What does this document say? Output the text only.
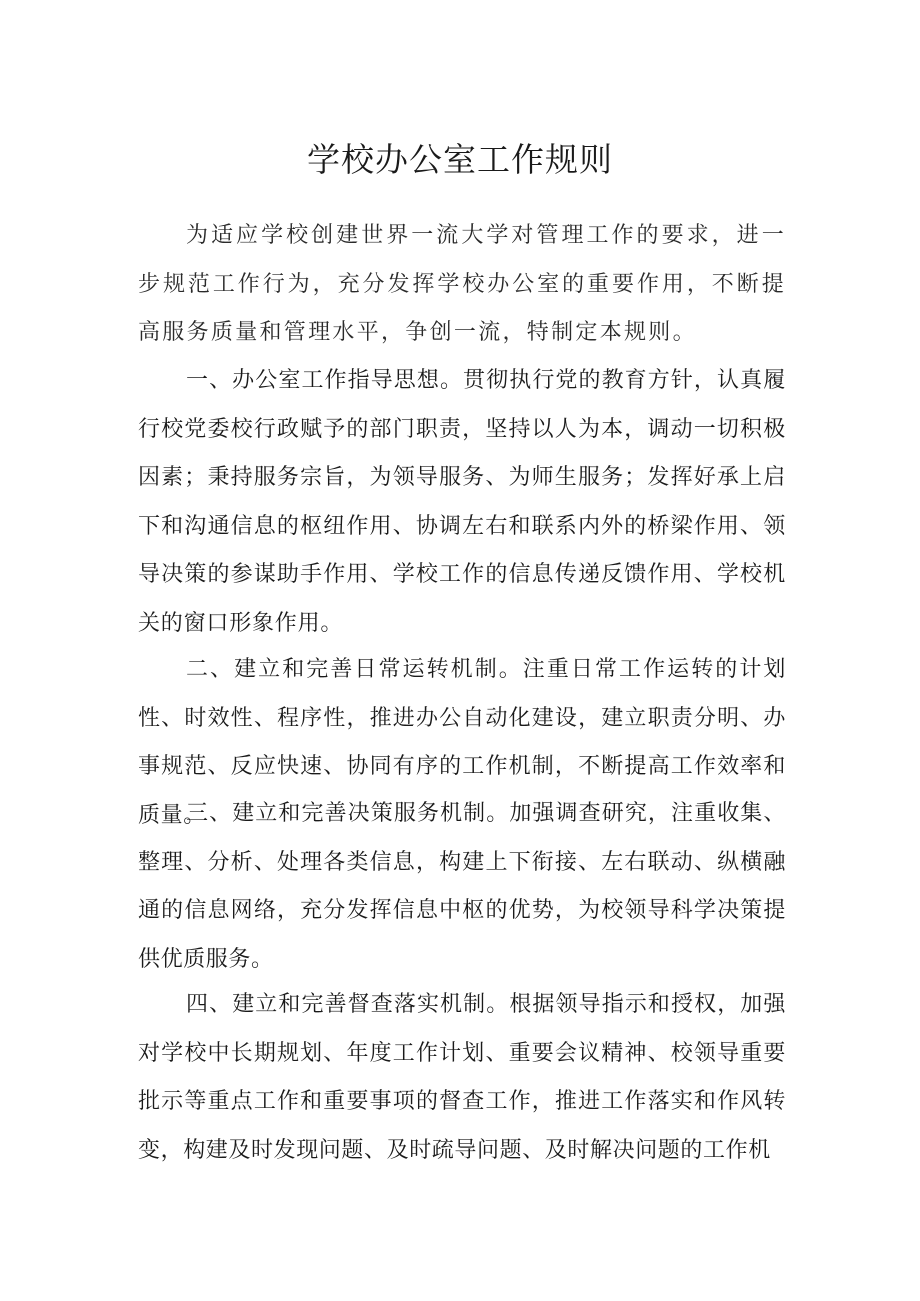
学校办公室工作规则

为适应学校创建世界一流大学对管理工作的要求，进一步规范工作行为，充分发挥学校办公室的重要作用，不断提高服务质量和管理水平，争创一流，特制定本规则。

一、办公室工作指导思想。贯彻执行党的教育方针，认真履行校党委校行政赋予的部门职责，坚持以人为本，调动一切积极因素；秉持服务宗旨，为领导服务、为师生服务；发挥好承上启下和沟通信息的枢纽作用、协调左右和联系内外的桥梁作用、领导决策的参谋助手作用、学校工作的信息传递反馈作用、学校机关的窗口形象作用。

二、建立和完善日常运转机制。注重日常工作运转的计划性、时效性、程序性，推进办公自动化建设，建立职责分明、办事规范、反应快速、协同有序的工作机制，不断提高工作效率和质量。

三、建立和完善决策服务机制。加强调查研究，注重收集、整理、分析、处理各类信息，构建上下衔接、左右联动、纵横融通的信息网络，充分发挥信息中枢的优势，为校领导科学决策提供优质服务。

四、建立和完善督查落实机制。根据领导指示和授权，加强对学校中长期规划、年度工作计划、重要会议精神、校领导重要批示等重点工作和重要事项的督查工作，推进工作落实和作风转变，构建及时发现问题、及时疏导问题、及时解决问题的工作机
